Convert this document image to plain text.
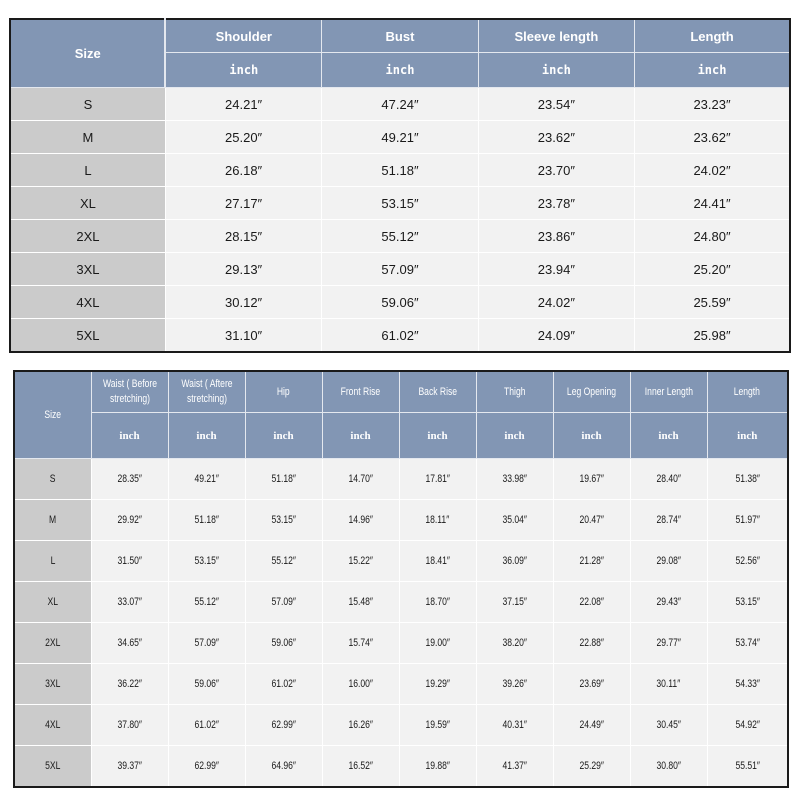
Size	Shoulder	Bust	Sleeve length	Length
	inch	inch	inch	inch
S	24.21″	47.24″	23.54″	23.23″
M	25.20″	49.21″	23.62″	23.62″
L	26.18″	51.18″	23.70″	24.02″
XL	27.17″	53.15″	23.78″	24.41″
2XL	28.15″	55.12″	23.86″	24.80″
3XL	29.13″	57.09″	23.94″	25.20″
4XL	30.12″	59.06″	24.02″	25.59″
5XL	31.10″	61.02″	24.09″	25.98″
Size	Waist ( Before stretching)	Waist ( Aftere stretching)	Hip	Front Rise	Back Rise	Thigh	Leg Opening	Inner Length	Length
	inch	inch	inch	inch	inch	inch	inch	inch	inch
S	28.35″	49.21″	51.18″	14.70″	17.81″	33.98″	19.67″	28.40″	51.38″
M	29.92″	51.18″	53.15″	14.96″	18.11″	35.04″	20.47″	28.74″	51.97″
L	31.50″	53.15″	55.12″	15.22″	18.41″	36.09″	21.28″	29.08″	52.56″
XL	33.07″	55.12″	57.09″	15.48″	18.70″	37.15″	22.08″	29.43″	53.15″
2XL	34.65″	57.09″	59.06″	15.74″	19.00″	38.20″	22.88″	29.77″	53.74″
3XL	36.22″	59.06″	61.02″	16.00″	19.29″	39.26″	23.69″	30.11″	54.33″
4XL	37.80″	61.02″	62.99″	16.26″	19.59″	40.31″	24.49″	30.45″	54.92″
5XL	39.37″	62.99″	64.96″	16.52″	19.88″	41.37″	25.29″	30.80″	55.51″
